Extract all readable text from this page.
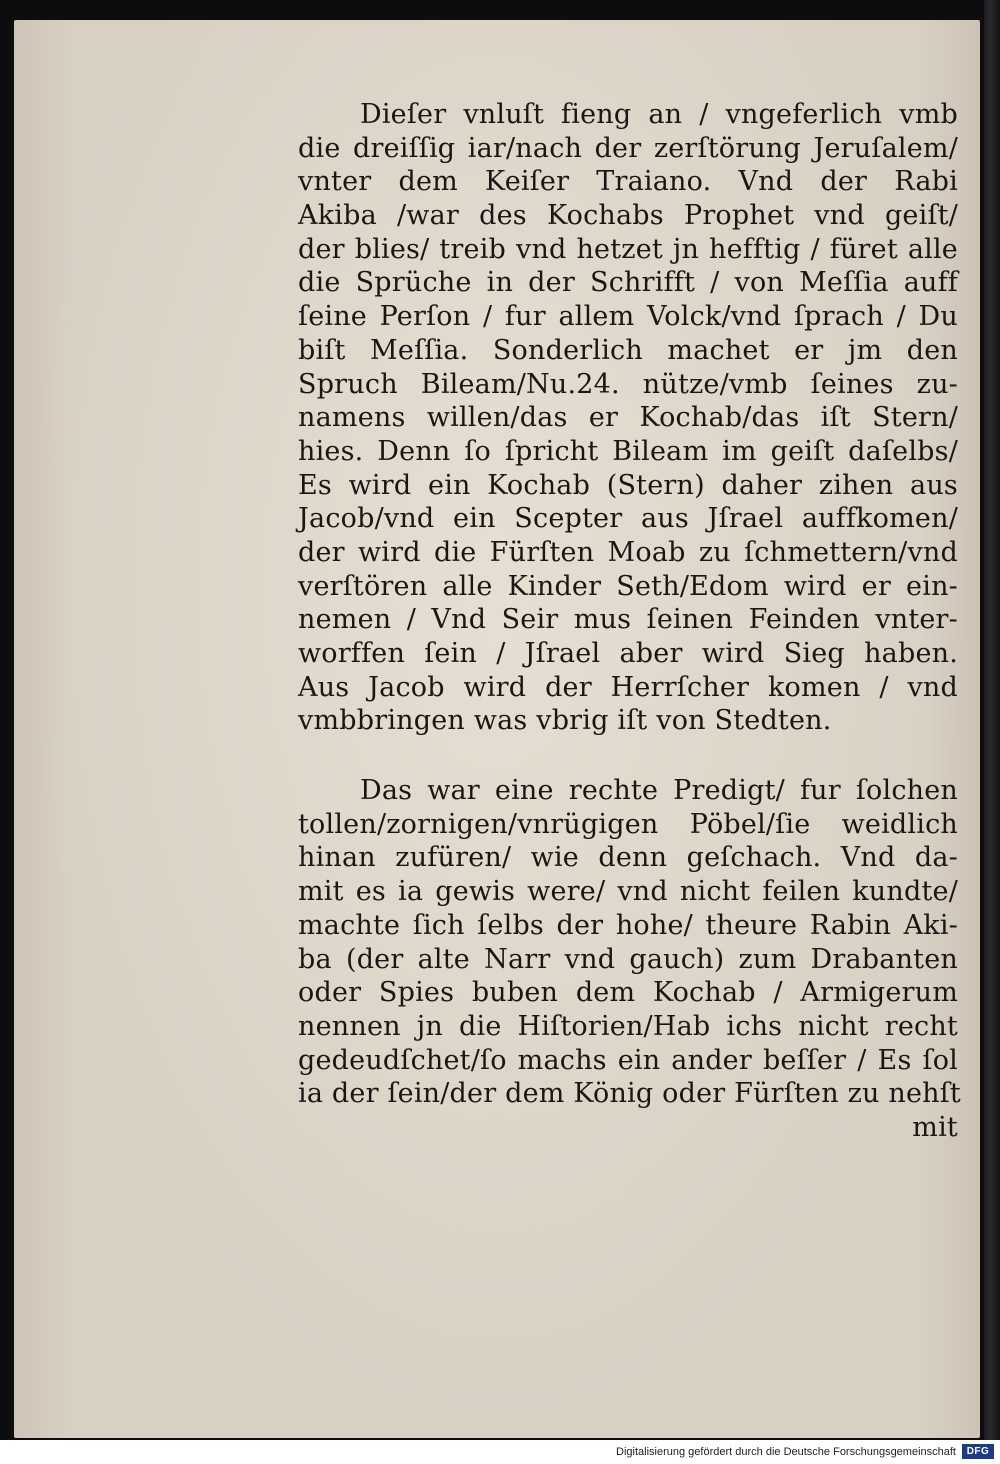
Dieſer vnluſt fieng an / vngeferlich vmb
die dreiſſig iar/nach der zerſtörung Jeruſalem/
vnter dem Keiſer Traiano. Vnd der Rabi
Akiba /war des Kochabs Prophet vnd geiſt/
der blies/ treib vnd hetzet jn hefftig / füret alle
die Sprüche in der Schrifft / von Meſſia auff
ſeine Perſon / fur allem Volck/vnd ſprach / Du
biſt Meſſia. Sonderlich machet er jm den
Spruch Bileam/Nu.24. nütze/vmb ſeines zu-
namens willen/das er Kochab/das iſt Stern/
hies. Denn ſo ſpricht Bileam im geiſt daſelbs/
Es wird ein Kochab (Stern) daher zihen aus
Jacob/vnd ein Scepter aus Jſrael auffkomen/
der wird die Fürſten Moab zu ſchmettern/vnd
verſtören alle Kinder Seth/Edom wird er ein-
nemen / Vnd Seir mus ſeinen Feinden vnter-
worffen ſein / Jſrael aber wird Sieg haben.
Aus Jacob wird der Herrſcher komen / vnd
vmbbringen was vbrig iſt von Stedten.
Das war eine rechte Predigt/ fur ſolchen
tollen/zornigen/vnrügigen Pöbel/ſie weidlich
hinan zufüren/ wie denn geſchach. Vnd da-
mit es ia gewis were/ vnd nicht feilen kundte/
machte ſich ſelbs der hohe/ theure Rabin Aki-
ba (der alte Narr vnd gauch) zum Drabanten
oder Spies buben dem Kochab / Armigerum
nennen jn die Hiſtorien/Hab ichs nicht recht
gedeudſchet/ſo machs ein ander beſſer / Es ſol
ia der ſein/der dem König oder Fürſten zu nehſt
mit
Digitalisierung gefördert durch die Deutsche Forschungsgemeinschaft	DFG
